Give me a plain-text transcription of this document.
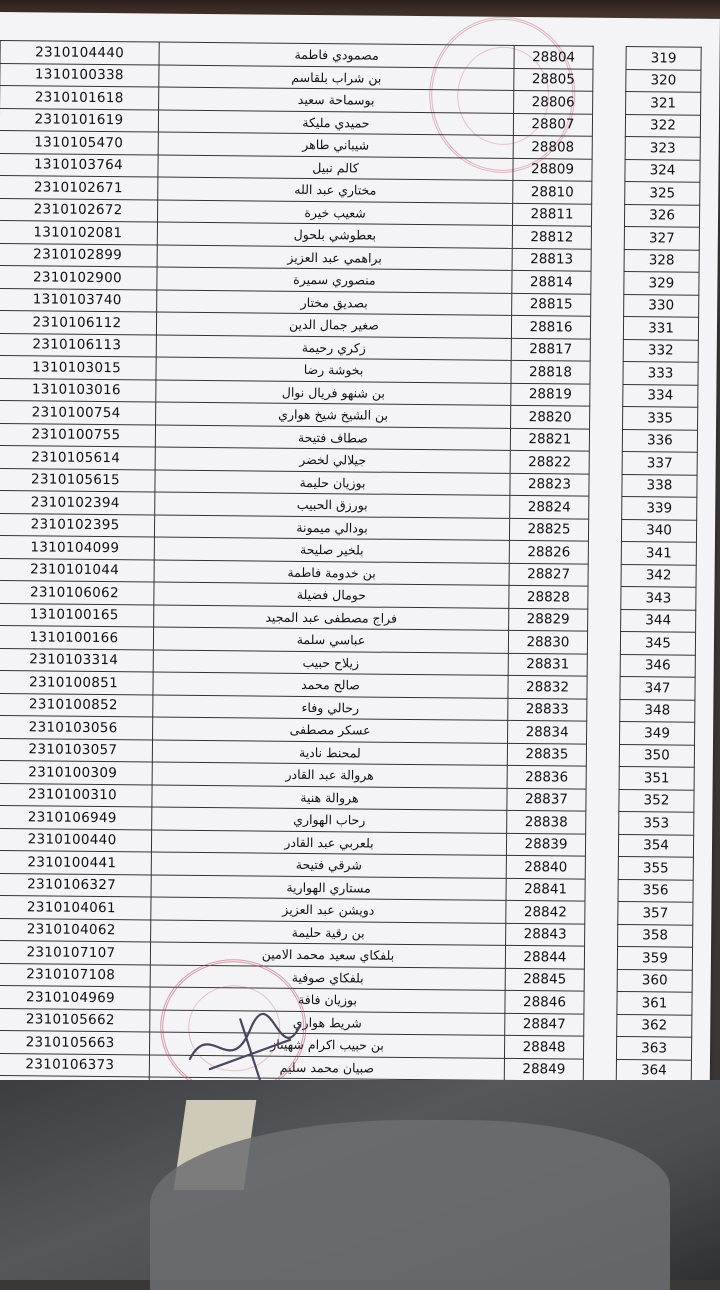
2310104440	مصمودي فاطمة	28804		319
1310100338	بن شراب بلقاسم	28805		320
2310101618	بوسماحة سعيد	28806		321
2310101619	حميدي مليكة	28807		322
1310105470	شيباني طاهر	28808		323
1310103764	كالم نبيل	28809		324
2310102671	مختاري عبد الله	28810		325
2310102672	شعيب خيرة	28811		326
1310102081	بعطوشي بلحول	28812		327
2310102899	براهمي عبد العزيز	28813		328
2310102900	منصوري سميرة	28814		329
1310103740	بصديق مختار	28815		330
2310106112	صغير جمال الدين	28816		331
2310106113	زكري رحيمة	28817		332
1310103015	بخوشة رضا	28818		333
1310103016	بن شنهو فريال نوال	28819		334
2310100754	بن الشيخ شيخ هواري	28820		335
2310100755	صطاف فتيحة	28821		336
2310105614	جيلالي لخضر	28822		337
2310105615	بوزيان حليمة	28823		338
2310102394	بورزق الحبيب	28824		339
2310102395	بودالي ميمونة	28825		340
1310104099	بلخير صليحة	28826		341
2310101044	بن خدومة فاطمة	28827		342
2310106062	حومال فضيلة	28828		343
1310100165	فراج مصطفى عبد المجيد	28829		344
1310100166	عباسي سلمة	28830		345
2310103314	زيلاح حبيب	28831		346
2310100851	صالح محمد	28832		347
2310100852	رحالي وفاء	28833		348
2310103056	عسكر مصطفى	28834		349
2310103057	لمحنط نادية	28835		350
2310100309	هروالة عبد القادر	28836		351
2310100310	هروالة هنية	28837		352
2310106949	رحاب الهواري	28838		353
2310100440	بلعربي عبد القادر	28839		354
2310100441	شرقي فتيحة	28840		355
2310106327	مستاري الهوارية	28841		356
2310104061	دويشن عبد العزيز	28842		357
2310104062	بن رقية حليمة	28843		358
2310107107	بلفكاي سعيد محمد الامين	28844		359
2310107108	بلفكاي صوفية	28845		360
2310104969	بوزيان فافة	28846		361
2310105662	شريط هواري	28847		362
2310105663	بن حبيب اكرام شهيناز	28848		363
2310106373	صبيان محمد سليم	28849		364
